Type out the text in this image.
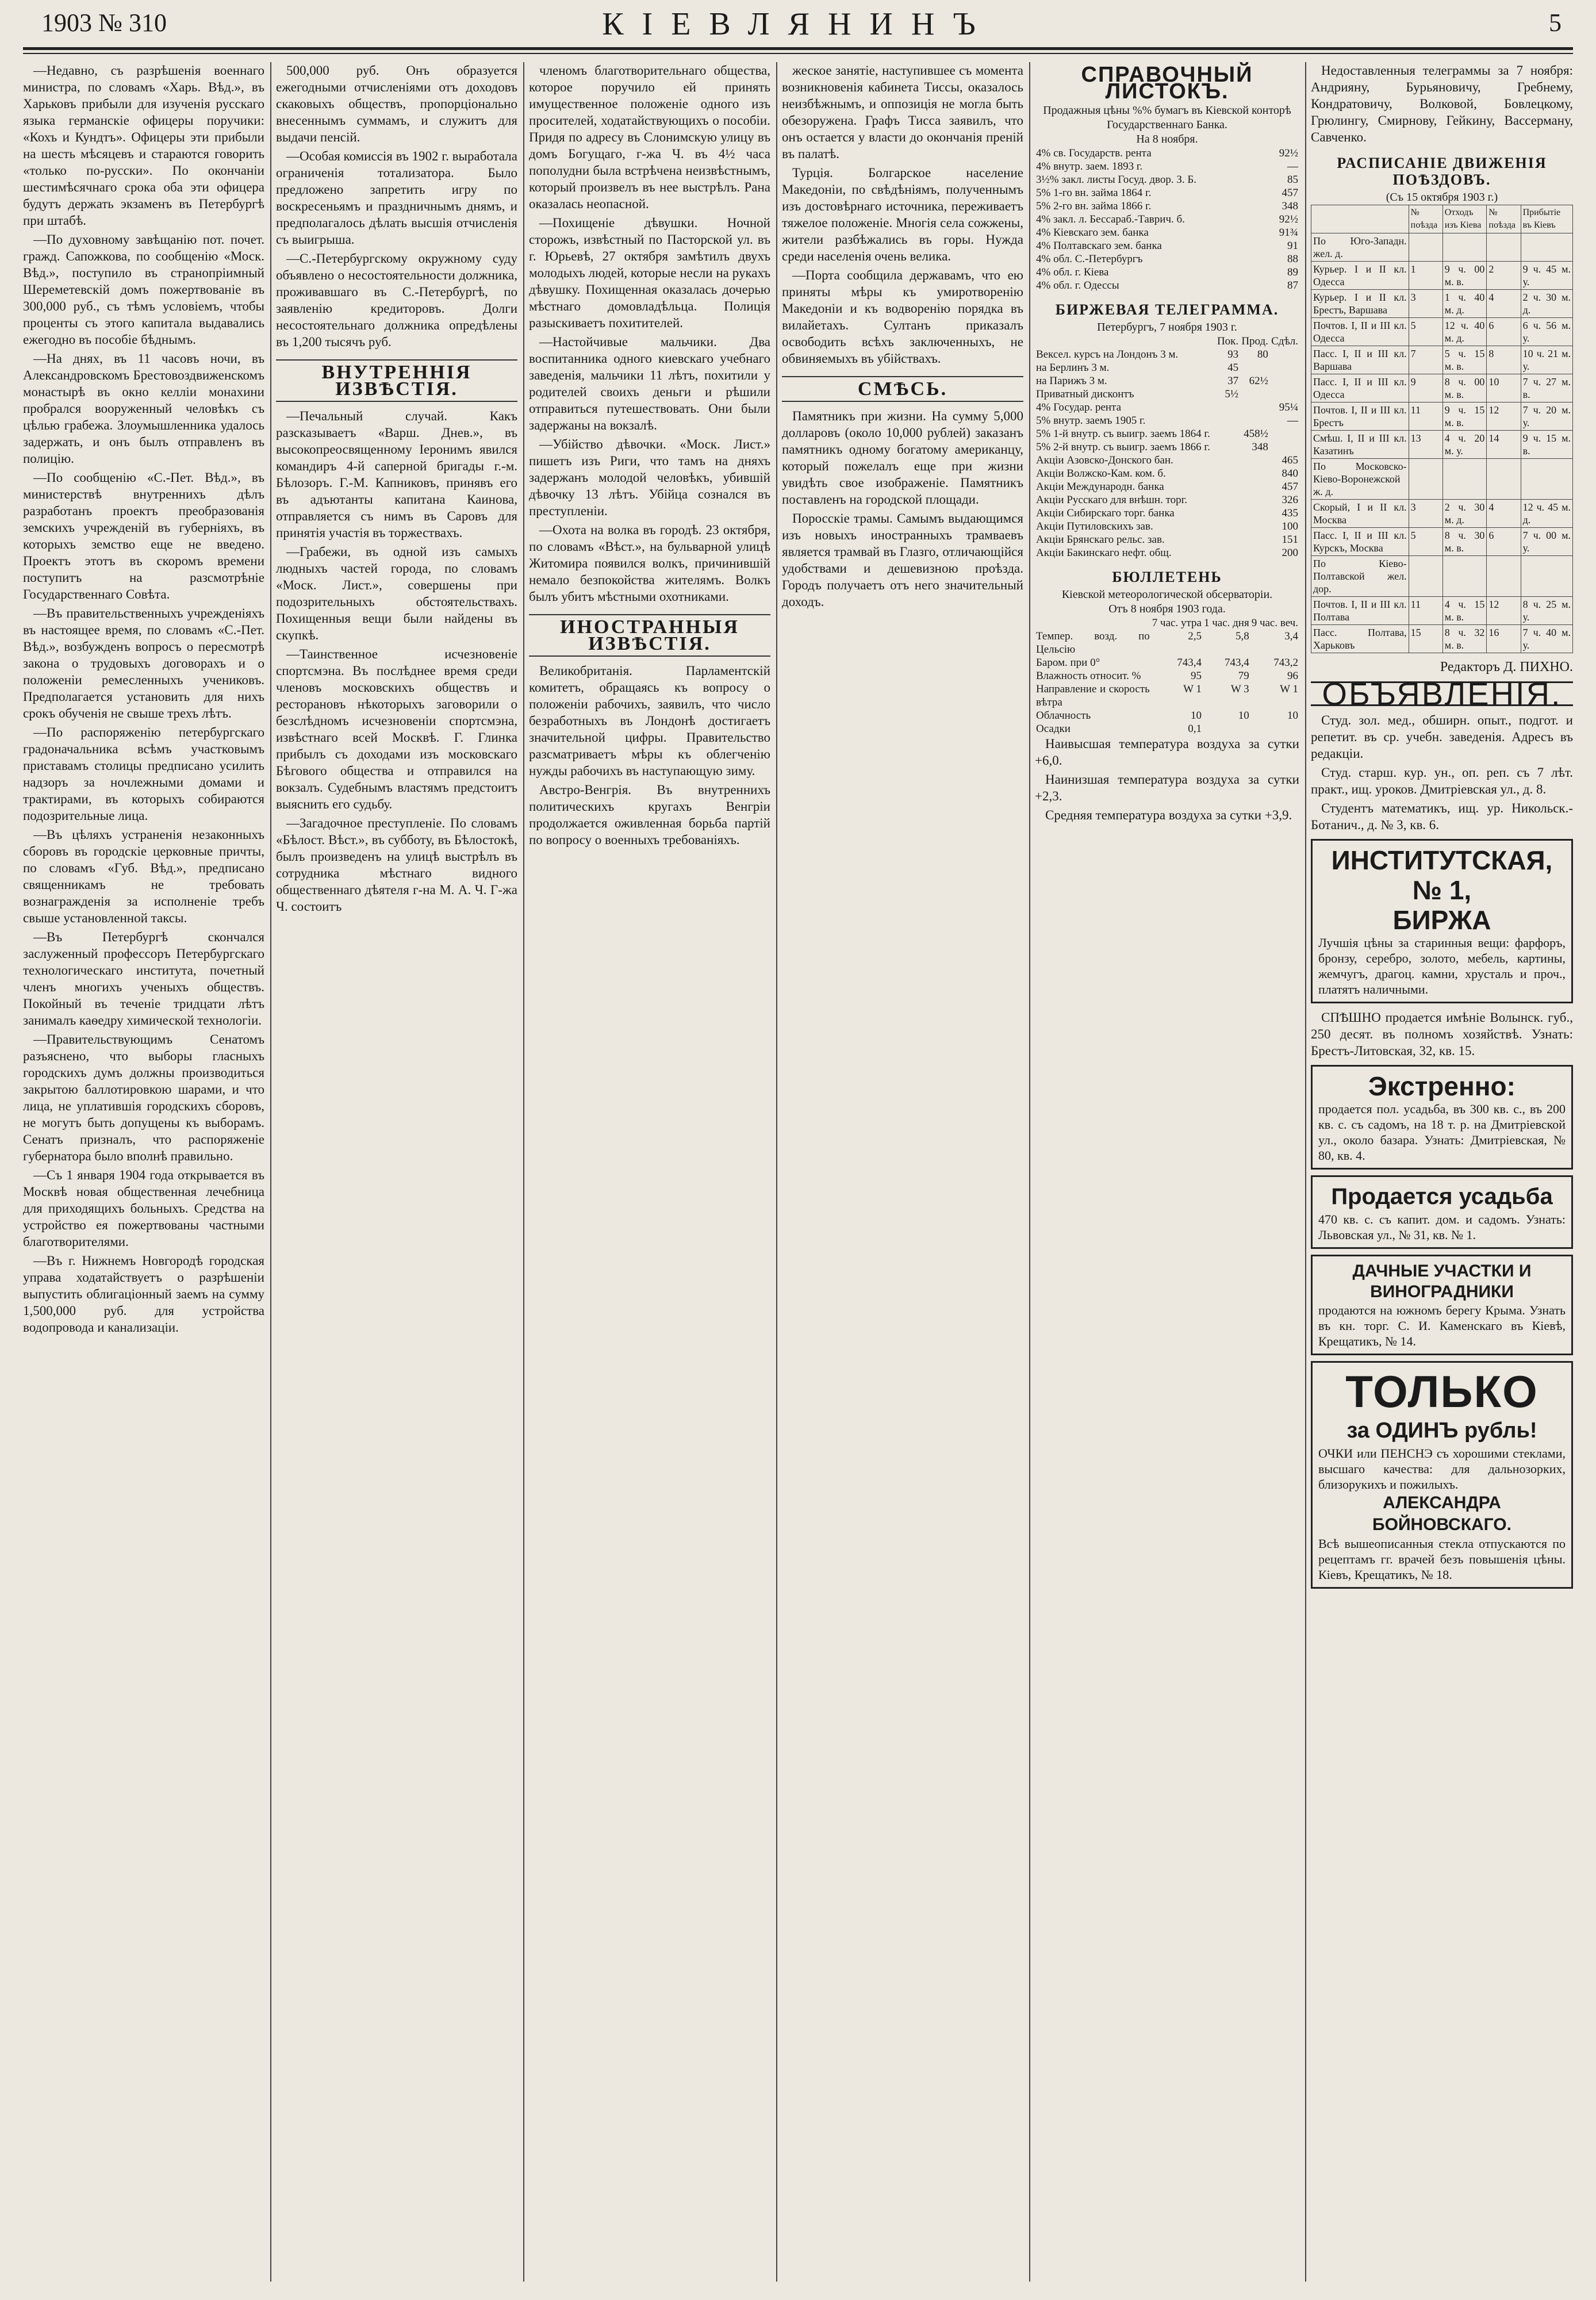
1903 № 310	КІЕВЛЯНИНЪ	5

—Недавно, съ разрѣшенія военнаго министра, по словамъ «Харь. Вѣд.», въ Харьковъ прибыли для изученія русскаго языка германскіе офицеры поручики: «Кохъ и Кундтъ». Офицеры эти прибыли на шесть мѣсяцевъ и стараются говорить «только по-русски». По окончаніи шестимѣсячнаго срока оба эти офицера будутъ держать экзаменъ въ Петербургѣ при штабѣ.

—По духовному завѣщанію пот. почет. гражд. Сапожкова, по сообщенію «Моск. Вѣд.», поступило въ странопріимный Шереметевскій домъ пожертвованіе въ 300,000 руб., съ тѣмъ условіемъ, чтобы проценты съ этого капитала выдавались ежегодно въ пособіе бѣднымъ.

—На днях, въ 11 часовъ ночи, въ Александровскомъ Брестовоздвиженскомъ монастырѣ въ окно келліи монахини пробрался вооруженный человѣкъ съ цѣлью грабежа. Злоумышленника удалось задержать, и онъ былъ отправленъ въ полицію.

—По сообщенію «С.-Пет. Вѣд.», въ министерствѣ внутреннихъ дѣлъ разработанъ проектъ преобразованія земскихъ учрежденій въ губерніяхъ, въ которыхъ земство еще не введено. Проектъ этотъ въ скоромъ времени поступитъ на разсмотрѣніе Государственнаго Совѣта.

—Въ правительственныхъ учрежденіяхъ въ настоящее время, по словамъ «С.-Пет. Вѣд.», возбужденъ вопросъ о пересмотрѣ закона о трудовыхъ договорахъ и о положеніи ремесленныхъ учениковъ. Предполагается установить для нихъ срокъ обученія не свыше трехъ лѣтъ.

—По распоряженію петербургскаго градоначальника всѣмъ участковымъ приставамъ столицы предписано усилить надзоръ за ночлежными домами и трактирами, въ которыхъ собираются подозрительные лица.

—Въ цѣляхъ устраненія незаконныхъ сборовъ въ городскіе церковные причты, по словамъ «Губ. Вѣд.», предписано священникамъ не требовать вознагражденія за исполненіе требъ свыше установленной таксы.

—Въ Петербургѣ скончался заслуженный профессоръ Петербургскаго технологическаго института, почетный членъ многихъ ученыхъ обществъ. Покойный въ теченіе тридцати лѣтъ занималъ каѳедру химической технологіи.

—Правительствующимъ Сенатомъ разъяснено, что выборы гласныхъ городскихъ думъ должны производиться закрытою баллотировкою шарами, и что лица, не уплатившія городскихъ сборовъ, не могутъ быть допущены къ выборамъ. Сенатъ призналъ, что распоряженіе губернатора было вполнѣ правильно.

—Съ 1 января 1904 года открывается въ Москвѣ новая общественная лечебница для приходящихъ больныхъ. Средства на устройство ея пожертвованы частными благотворителями.

—Въ г. Нижнемъ Новгородѣ городская управа ходатайствуетъ о разрѣшеніи выпустить облигаціонный заемъ на сумму 1,500,000 руб. для устройства водопровода и канализаціи.

500,000 руб. Онъ образуется ежегодными отчисленіями отъ доходовъ скаковыхъ обществъ, пропорціонально внесеннымъ суммамъ, и служитъ для выдачи пенсій.

—Особая комиссія въ 1902 г. выработала ограниченія тотализатора. Было предложено запретить игру по воскресеньямъ и праздничнымъ днямъ, и предполагалось дѣлать высшія отчисленія съ выигрыша.

—С.-Петербургскому окружному суду объявлено о несостоятельности должника, проживавшаго въ С.-Петербургѣ, по заявленію кредиторовъ. Долги несостоятельнаго должника опредѣлены въ 1,200 тысячъ руб.

ВНУТРЕННІЯ ИЗВѢСТІЯ.

—Печальный случай. Какъ разсказываетъ «Варш. Днев.», въ высокопреосвященному Іеронимъ явился командиръ 4-й саперной бригады г.-м. Бѣлозоръ. Г.-М. Капниковъ, принявъ его въ адъютанты капитана Каинова, отправляется съ нимъ въ Саровъ для принятія участія въ торжествахъ.

—Грабежи, въ одной изъ самыхъ людныхъ частей города, по словамъ «Моск. Лист.», совершены при подозрительныхъ обстоятельствахъ. Похищенныя вещи были найдены въ скупкѣ.

—Таинственное исчезновеніе спортсмэна. Въ послѣднее время среди членовъ московскихъ обществъ и ресторановъ нѣкоторыхъ заговорили о безслѣдномъ исчезновеніи спортсмэна, извѣстнаго всей Москвѣ. Г. Глинка прибылъ съ доходами изъ московскаго Бѣгового общества и отправился на вокзалъ. Судебнымъ властямъ предстоитъ выяснить его судьбу.

—Загадочное преступленіе. По словамъ «Бѣлост. Вѣст.», въ субботу, въ Бѣлостокѣ, былъ произведенъ на улицѣ выстрѣлъ въ сотрудника мѣстнаго видного общественнаго дѣятеля г-на М. А. Ч. Г-жа Ч. состоитъ

членомъ благотворительнаго общества, которое поручило ей принять имущественное положеніе одного изъ просителей, ходатайствующихъ о пособіи. Придя по адресу въ Слонимскую улицу въ домъ Богущаго, г-жа Ч. въ 4½ часа пополудни была встрѣчена неизвѣстнымъ, который произвелъ въ нее выстрѣлъ. Рана оказалась неопасной.

—Похищеніе дѣвушки. Ночной сторожъ, извѣстный по Пасторской ул. въ г. Юрьевѣ, 27 октября замѣтилъ двухъ молодыхъ людей, которые несли на рукахъ дѣвушку. Похищенная оказалась дочерью мѣстнаго домовладѣльца. Полиція разыскиваетъ похитителей.

—Настойчивые мальчики. Два воспитанника одного киевскаго учебнаго заведенія, мальчики 11 лѣтъ, похитили у родителей своихъ деньги и рѣшили отправиться путешествовать. Они были задержаны на вокзалѣ.

—Убійство дѣвочки. «Моск. Лист.» пишетъ изъ Риги, что тамъ на дняхъ задержанъ молодой человѣкъ, убившій дѣвочку 13 лѣтъ. Убійца сознался въ преступленіи.

—Охота на волка въ городѣ. 23 октября, по словамъ «Вѣст.», на бульварной улицѣ Житомира появился волкъ, причинившій немало безпокойства жителямъ. Волкъ былъ убитъ мѣстными охотниками.

ИНОСТРАННЫЯ ИЗВѢСТІЯ.

Великобританія. Парламентскій комитетъ, обращаясь къ вопросу о положеніи рабочихъ, заявилъ, что число безработныхъ въ Лондонѣ достигаетъ значительной цифры. Правительство разсматриваетъ мѣры къ облегченію нужды рабочихъ въ наступающую зиму.

Австро-Венгрія. Въ внутреннихъ политическихъ кругахъ Венгріи продолжается оживленная борьба партій по вопросу о военныхъ требованіяхъ.

жеское занятіе, наступившее съ момента возникновенія кабинета Тиссы, оказалось неизбѣжнымъ, и оппозиція не могла быть обезоружена. Графъ Тисса заявилъ, что онъ остается у власти до окончанія преній въ палатѣ.

Турція. Болгарское население Македоніи, по свѣдѣніямъ, полученнымъ изъ достовѣрнаго источника, переживаетъ тяжелое положеніе. Многія села сожжены, жители разбѣжались въ горы. Нужда среди населенія очень велика.

—Порта сообщила державамъ, что ею приняты мѣры къ умиротворенію Македоніи и къ водворенію порядка въ вилайетахъ. Султанъ приказалъ освободить всѣхъ заключенныхъ, не обвиняемыхъ въ убійствахъ.

СМѢСЬ.

Памятникъ при жизни. На сумму 5,000 долларовъ (около 10,000 рублей) заказанъ памятникъ одному богатому американцу, который пожелалъ еще при жизни увидѣть свое изображеніе. Памятникъ поставленъ на городской площади.

Поросскіе трамы. Самымъ выдающимся изъ новыхъ иностранныхъ трамваевъ является трамвай въ Глазго, отличающійся удобствами и дешевизною проѣзда. Городъ получаетъ отъ него значительный доходъ.

СПРАВОЧНЫЙ ЛИСТОКЪ.
Продажныя цѣны %% бумагъ въ Кіевской конторѣ Государственнаго Банка.
На 8 ноября.
4% св. Государств. рента	92½
4% внутр. заем. 1893 г.	—
3½% закл. листы Госуд. двор. З. Б.	85
5% 1-го вн. займа 1864 г.	457
5% 2-го вн. займа 1866 г.	348
4% закл. л. Бессараб.-Таврич. б.	92½
4% Кіевскаго зем. банка	91¾
4% Полтавскаго зем. банка	91
4% обл. С.-Петербургъ	88
4% обл. г. Кіева	89
4% обл. г. Одессы	87
БИРЖЕВАЯ ТЕЛЕГРАММА.
Петербургъ, 7 ноября 1903 г.
	Пок.	Прод.	Сдѣл.
Вексел. курсъ на Лондонъ 3 м.	93	80	
на Берлинъ 3 м.	45		
на Парижъ 3 м.	37	62½	
Приватный дисконтъ	5½		
4% Государ. рента			95¼
5% внутр. заемъ 1905 г.			—
5% 1-й внутр. съ выигр. заемъ 1864 г.		458½	
5% 2-й внутр. съ выигр. заемъ 1866 г.		348	
Акціи Азовско-Донского бан.			465
Акціи Волжско-Кам. ком. б.			840
Акціи Международн. банка			457
Акціи Русскаго для внѣшн. торг.			326
Акціи Сибирскаго торг. банка			435
Акціи Путиловскихъ зав.			100
Акціи Брянскаго рельс. зав.			151
Акціи Бакинскаго нефт. общ.			200
БЮЛЛЕТЕНЬ
Кіевской метеорологической обсерваторіи.
Отъ 8 ноября 1903 года.
	7 час. утра	1 час. дня	9 час. веч.
Темпер. возд. по Цельсію	2,5	5,8	3,4
Баром. при 0°	743,4	743,4	743,2
Влажность относит. %	95	79	96
Направление и скорость вѣтра	W 1	W 3	W 1
Облачность	10	10	10
Осадки	0,1		

Наивысшая температура воздуха за сутки +6,0.

Наинизшая температура воздуха за сутки +2,3.

Средняя температура воздуха за сутки +3,9.

Недоставленныя телеграммы за 7 ноября: Андрияну, Бурьяновичу, Гребнему, Кондратовичу, Волковой, Бовлецкому, Грюлингу, Смирнову, Гейкину, Вассерману, Савченко.

РАСПИСАНІЕ ДВИЖЕНІЯ ПОѢЗДОВЪ.
(Съ 15 октября 1903 г.)
	№ поѣзда	Отходъ изъ Кіева	№ поѣзда	Прибытіе въ Кіевъ
По Юго-Западн. жел. д.				
Курьер. I и II кл. Одесса	1	9 ч. 00 м. в.	2	9 ч. 45 м. у.
Курьер. I и II кл. Брестъ, Варшава	3	1 ч. 40 м. д.	4	2 ч. 30 м. д.
Почтов. I, II и III кл. Одесса	5	12 ч. 40 м. д.	6	6 ч. 56 м. у.
Пасс. I, II и III кл. Варшава	7	5 ч. 15 м. в.	8	10 ч. 21 м. у.
Пасс. I, II и III кл. Одесса	9	8 ч. 00 м. в.	10	7 ч. 27 м. в.
Почтов. I, II и III кл. Брестъ	11	9 ч. 15 м. в.	12	7 ч. 20 м. у.
Смѣш. I, II и III кл. Казатинъ	13	4 ч. 20 м. у.	14	9 ч. 15 м. в.
По Московско-Кіево-Воронежской ж. д.				
Скорый, I и II кл. Москва	3	2 ч. 30 м. д.	4	12 ч. 45 м. д.
Пасс. I, II и III кл. Курскъ, Москва	5	8 ч. 30 м. в.	6	7 ч. 00 м. у.
По Кіево-Полтавской жел. дор.				
Почтов. I, II и III кл. Полтава	11	4 ч. 15 м. в.	12	8 ч. 25 м. у.
Пасс. Полтава, Харьковъ	15	8 ч. 32 м. в.	16	7 ч. 40 м. у.
Редакторъ Д. ПИХНО.
ОБЪЯВЛЕНІЯ.

Студ. зол. мед., обширн. опыт., подгот. и репетит. въ ср. учебн. заведенія. Адресъ въ редакціи.

Студ. старш. кур. ун., оп. реп. съ 7 лѣт. практ., ищ. уроков. Дмитріевская ул., д. 8.

Студентъ математикъ, ищ. ур. Никольск.-Ботанич., д. № 3, кв. 6.

ИНСТИТУТСКАЯ, № 1,
БИРЖА
Лучшія цѣны за старинныя вещи: фарфоръ, бронзу, серебро, золото, мебель, картины, жемчугъ, драгоц. камни, хрусталь и проч., платятъ наличными.

СПѢШНО продается имѣніе Волынск. губ., 250 десят. въ полномъ хозяйствѣ. Узнать: Брестъ-Литовская, 32, кв. 15.

Экстренно:
продается пол. усадьба, въ 300 кв. с., въ 200 кв. с. съ садомъ, на 18 т. р. на Дмитріевской ул., около базара. Узнать: Дмитріевская, № 80, кв. 4.
Продается усадьба
470 кв. с. съ капит. дом. и садомъ. Узнать: Львовская ул., № 31, кв. № 1.
ДАЧНЫЕ УЧАСТКИ И ВИНОГРАДНИКИ
продаются на южномъ берегу Крыма. Узнать въ кн. торг. С. И. Каменскаго въ Кіевѣ, Крещатикъ, № 14.
ТОЛЬКО
за ОДИНЪ рубль!
ОЧКИ или ПЕНСНЭ съ хорошими стеклами, высшаго качества: для дальнозорких, близорукихъ и пожилыхъ.
АЛЕКСАНДРА БОЙНОВСКАГО.
Всѣ вышеописанныя стекла отпускаются по рецептамъ гг. врачей безъ повышенія цѣны. Кіевъ, Крещатикъ, № 18.
